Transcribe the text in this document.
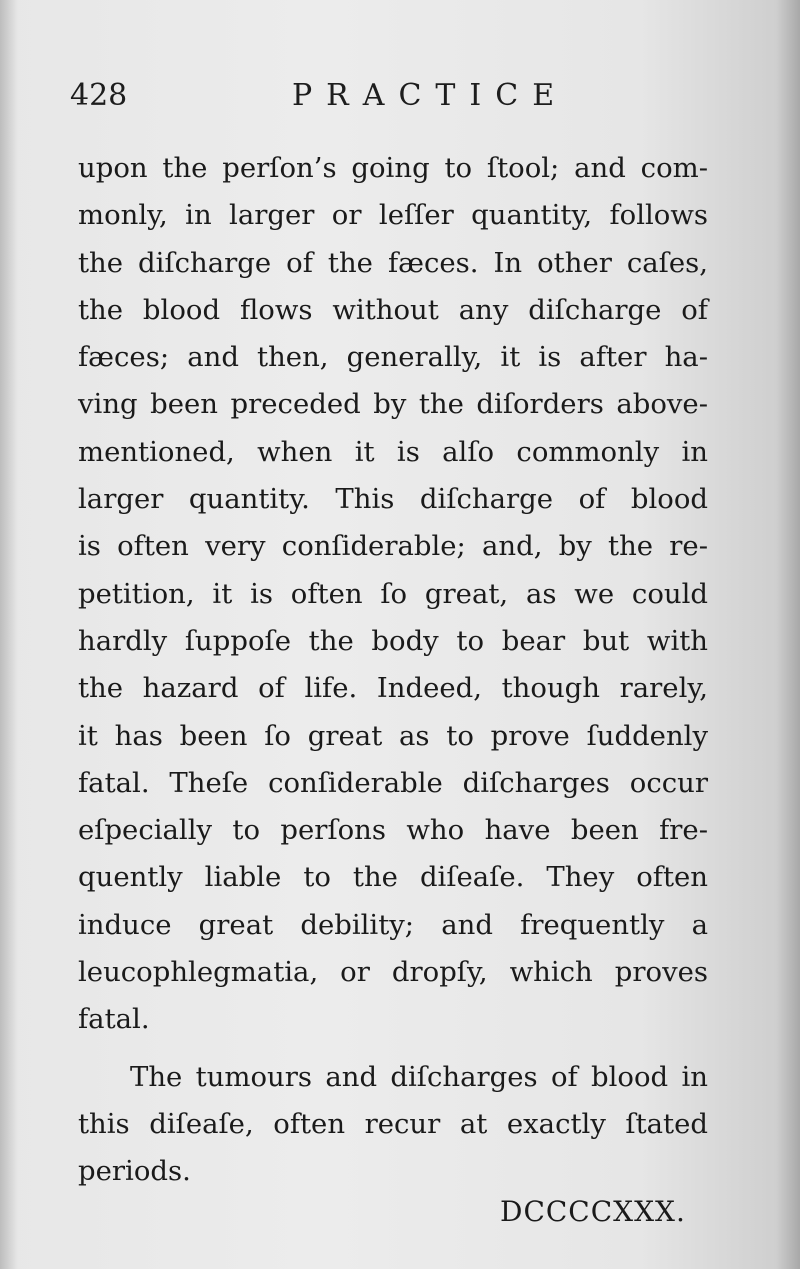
428	PRACTICE
upon the perſon’s going to ſtool; and com-
monly, in larger or leſſer quantity, follows
the diſcharge of the fæces. In other caſes,
the blood flows without any diſcharge of
fæces; and then, generally, it is after ha-
ving been preceded by the diſorders above-
mentioned, when it is alſo commonly in
larger quantity. This diſcharge of blood
is often very conſiderable; and, by the re-
petition, it is often ſo great, as we could
hardly ſuppoſe the body to bear but with
the hazard of life. Indeed, though rarely,
it has been ſo great as to prove ſuddenly
fatal. Theſe conſiderable diſcharges occur
eſpecially to perſons who have been fre-
quently liable to the diſeaſe. They often
induce great debility; and frequently a
leucophlegmatia, or dropſy, which proves
fatal.
The tumours and diſcharges of blood in
this diſeaſe, often recur at exactly ſtated
periods.
DCCCCXXX.
